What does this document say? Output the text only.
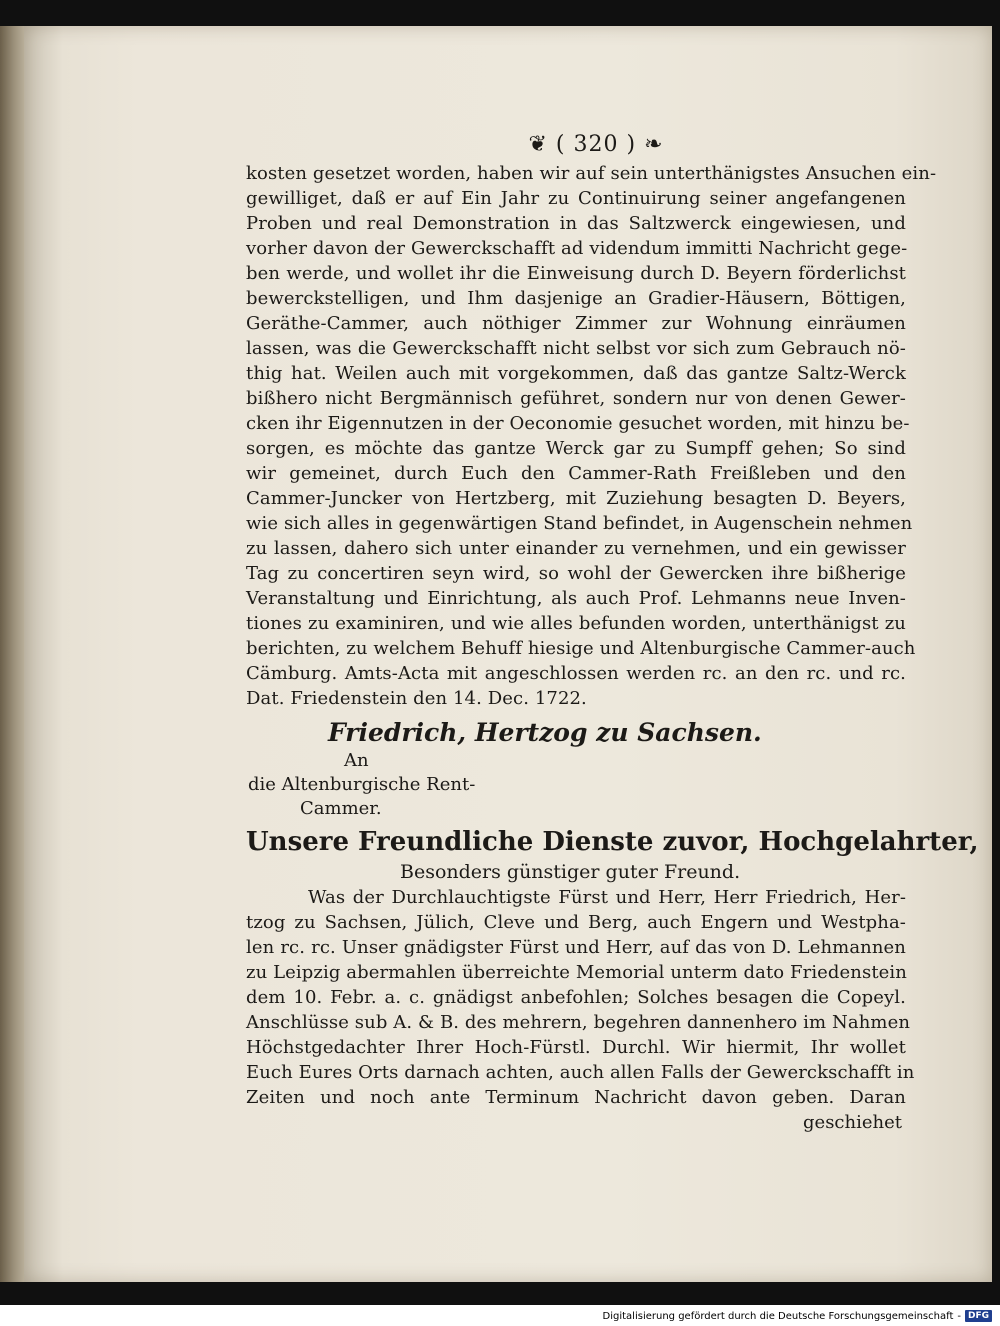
❦ ( 320 ) ❧
kosten gesetzet worden, haben wir auf sein unterthänigstes Ansuchen ein-
gewilliget, daß er auf Ein Jahr zu Continuirung seiner angefangenen
Proben und real Demonstration in das Saltzwerck eingewiesen, und
vorher davon der Gewerckschafft ad videndum immitti Nachricht gege-
ben werde, und wollet ihr die Einweisung durch D. Beyern förderlichst
bewerckstelligen, und Ihm dasjenige an Gradier-Häusern, Böttigen,
Geräthe-Cammer, auch nöthiger Zimmer zur Wohnung einräumen
lassen, was die Gewerckschafft nicht selbst vor sich zum Gebrauch nö-
thig hat. Weilen auch mit vorgekommen, daß das gantze Saltz-Werck
bißhero nicht Bergmännisch geführet, sondern nur von denen Gewer-
cken ihr Eigennutzen in der Oeconomie gesuchet worden, mit hinzu be-
sorgen, es möchte das gantze Werck gar zu Sumpff gehen; So sind
wir gemeinet, durch Euch den Cammer-Rath Freißleben und den
Cammer-Juncker von Hertzberg, mit Zuziehung besagten D. Beyers,
wie sich alles in gegenwärtigen Stand befindet, in Augenschein nehmen
zu lassen, dahero sich unter einander zu vernehmen, und ein gewisser
Tag zu concertiren seyn wird, so wohl der Gewercken ihre bißherige
Veranstaltung und Einrichtung, als auch Prof. Lehmanns neue Inven-
tiones zu examiniren, und wie alles befunden worden, unterthänigst zu
berichten, zu welchem Behuff hiesige und Altenburgische Cammer-auch
Cämburg. Amts-Acta mit angeschlossen werden rc. an den rc. und rc.
Dat. Friedenstein den 14. Dec. 1722.
Friedrich, Hertzog zu Sachsen.
An
die Altenburgische Rent-
Cammer.
Unsere Freundliche Dienste zuvor, Hochgelahrter,
Besonders günstiger guter Freund.
Was der Durchlauchtigste Fürst und Herr, Herr Friedrich, Her-
tzog zu Sachsen, Jülich, Cleve und Berg, auch Engern und Westpha-
len rc. rc. Unser gnädigster Fürst und Herr, auf das von D. Lehmannen
zu Leipzig abermahlen überreichte Memorial unterm dato Friedenstein
dem 10. Febr. a. c. gnädigst anbefohlen; Solches besagen die Copeyl.
Anschlüsse sub A. & B. des mehrern, begehren dannenhero im Nahmen
Höchstgedachter Ihrer Hoch-Fürstl. Durchl. Wir hiermit, Ihr wollet
Euch Eures Orts darnach achten, auch allen Falls der Gewerckschafft in
Zeiten und noch ante Terminum Nachricht davon geben. Daran
geschiehet
Digitalisierung gefördert durch die Deutsche Forschungsgemeinschaft - DFG
